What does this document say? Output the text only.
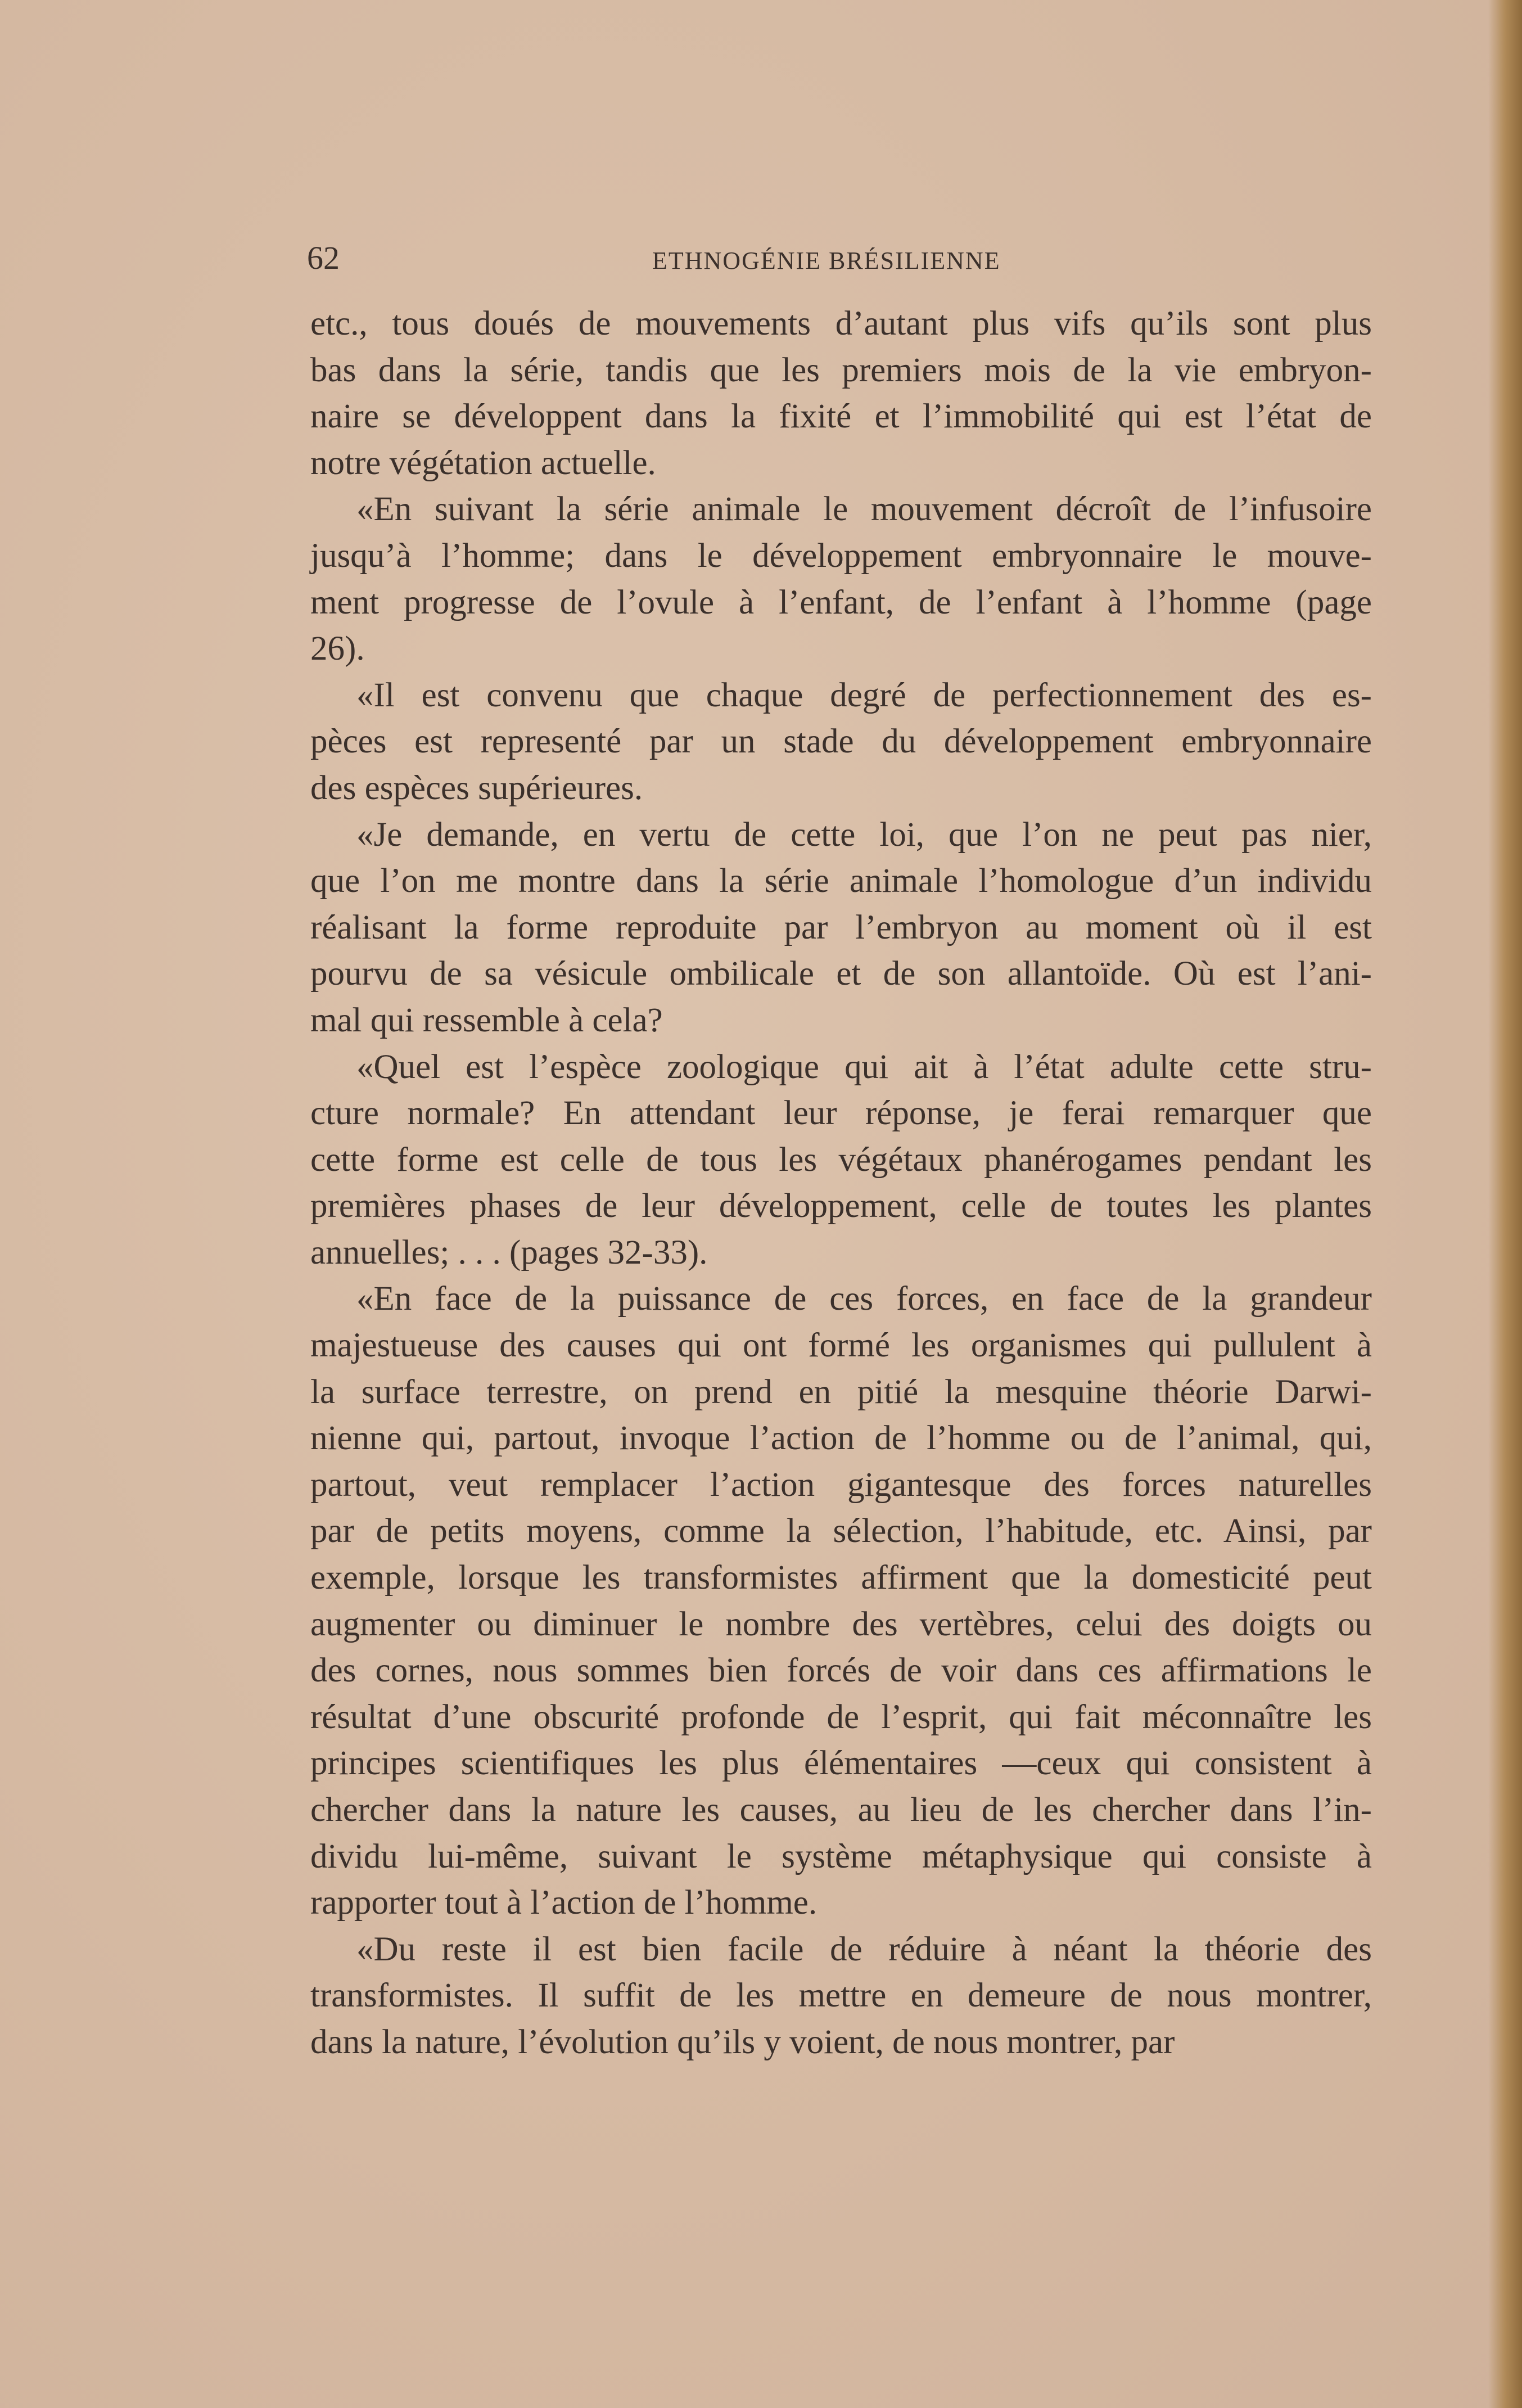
62	ETHNOGÉNIE BRÉSILIENNE
etc., tous doués de mouvements d’autant plus vifs qu’ils sont plus
bas dans la série, tandis que les premiers mois de la vie embryon-
naire se développent dans la fixité et l’immobilité qui est l’état de
notre végétation actuelle.
«En suivant la série animale le mouvement décroît de l’infusoire
jusqu’à l’homme; dans le développement embryonnaire le mouve-
ment progresse de l’ovule à l’enfant, de l’enfant à l’homme (page
26).
«Il est convenu que chaque degré de perfectionnement des es-
pèces est representé par un stade du développement embryonnaire
des espèces supérieures.
«Je demande, en vertu de cette loi, que l’on ne peut pas nier,
que l’on me montre dans la série animale l’homologue d’un individu
réalisant la forme reproduite par l’embryon au moment où il est
pourvu de sa vésicule ombilicale et de son allantoïde. Où est l’ani-
mal qui ressemble à cela?
«Quel est l’espèce zoologique qui ait à l’état adulte cette stru-
cture normale? En attendant leur réponse, je ferai remarquer que
cette forme est celle de tous les végétaux phanérogames pendant les
premières phases de leur développement, celle de toutes les plantes
annuelles; . . . (pages 32-33).
«En face de la puissance de ces forces, en face de la grandeur
majestueuse des causes qui ont formé les organismes qui pullulent à
la surface terrestre, on prend en pitié la mesquine théorie Darwi-
nienne qui, partout, invoque l’action de l’homme ou de l’animal, qui,
partout, veut remplacer l’action gigantesque des forces naturelles
par de petits moyens, comme la sélection, l’habitude, etc. Ainsi, par
exemple, lorsque les transformistes affirment que la domesticité peut
augmenter ou diminuer le nombre des vertèbres, celui des doigts ou
des cornes, nous sommes bien forcés de voir dans ces affirmations le
résultat d’une obscurité profonde de l’esprit, qui fait méconnaître les
principes scientifiques les plus élémentaires —ceux qui consistent à
chercher dans la nature les causes, au lieu de les chercher dans l’in-
dividu lui-même, suivant le système métaphysique qui consiste à
rapporter tout à l’action de l’homme.
«Du reste il est bien facile de réduire à néant la théorie des
transformistes. Il suffit de les mettre en demeure de nous montrer,
dans la nature, l’évolution qu’ils y voient, de nous montrer, par
